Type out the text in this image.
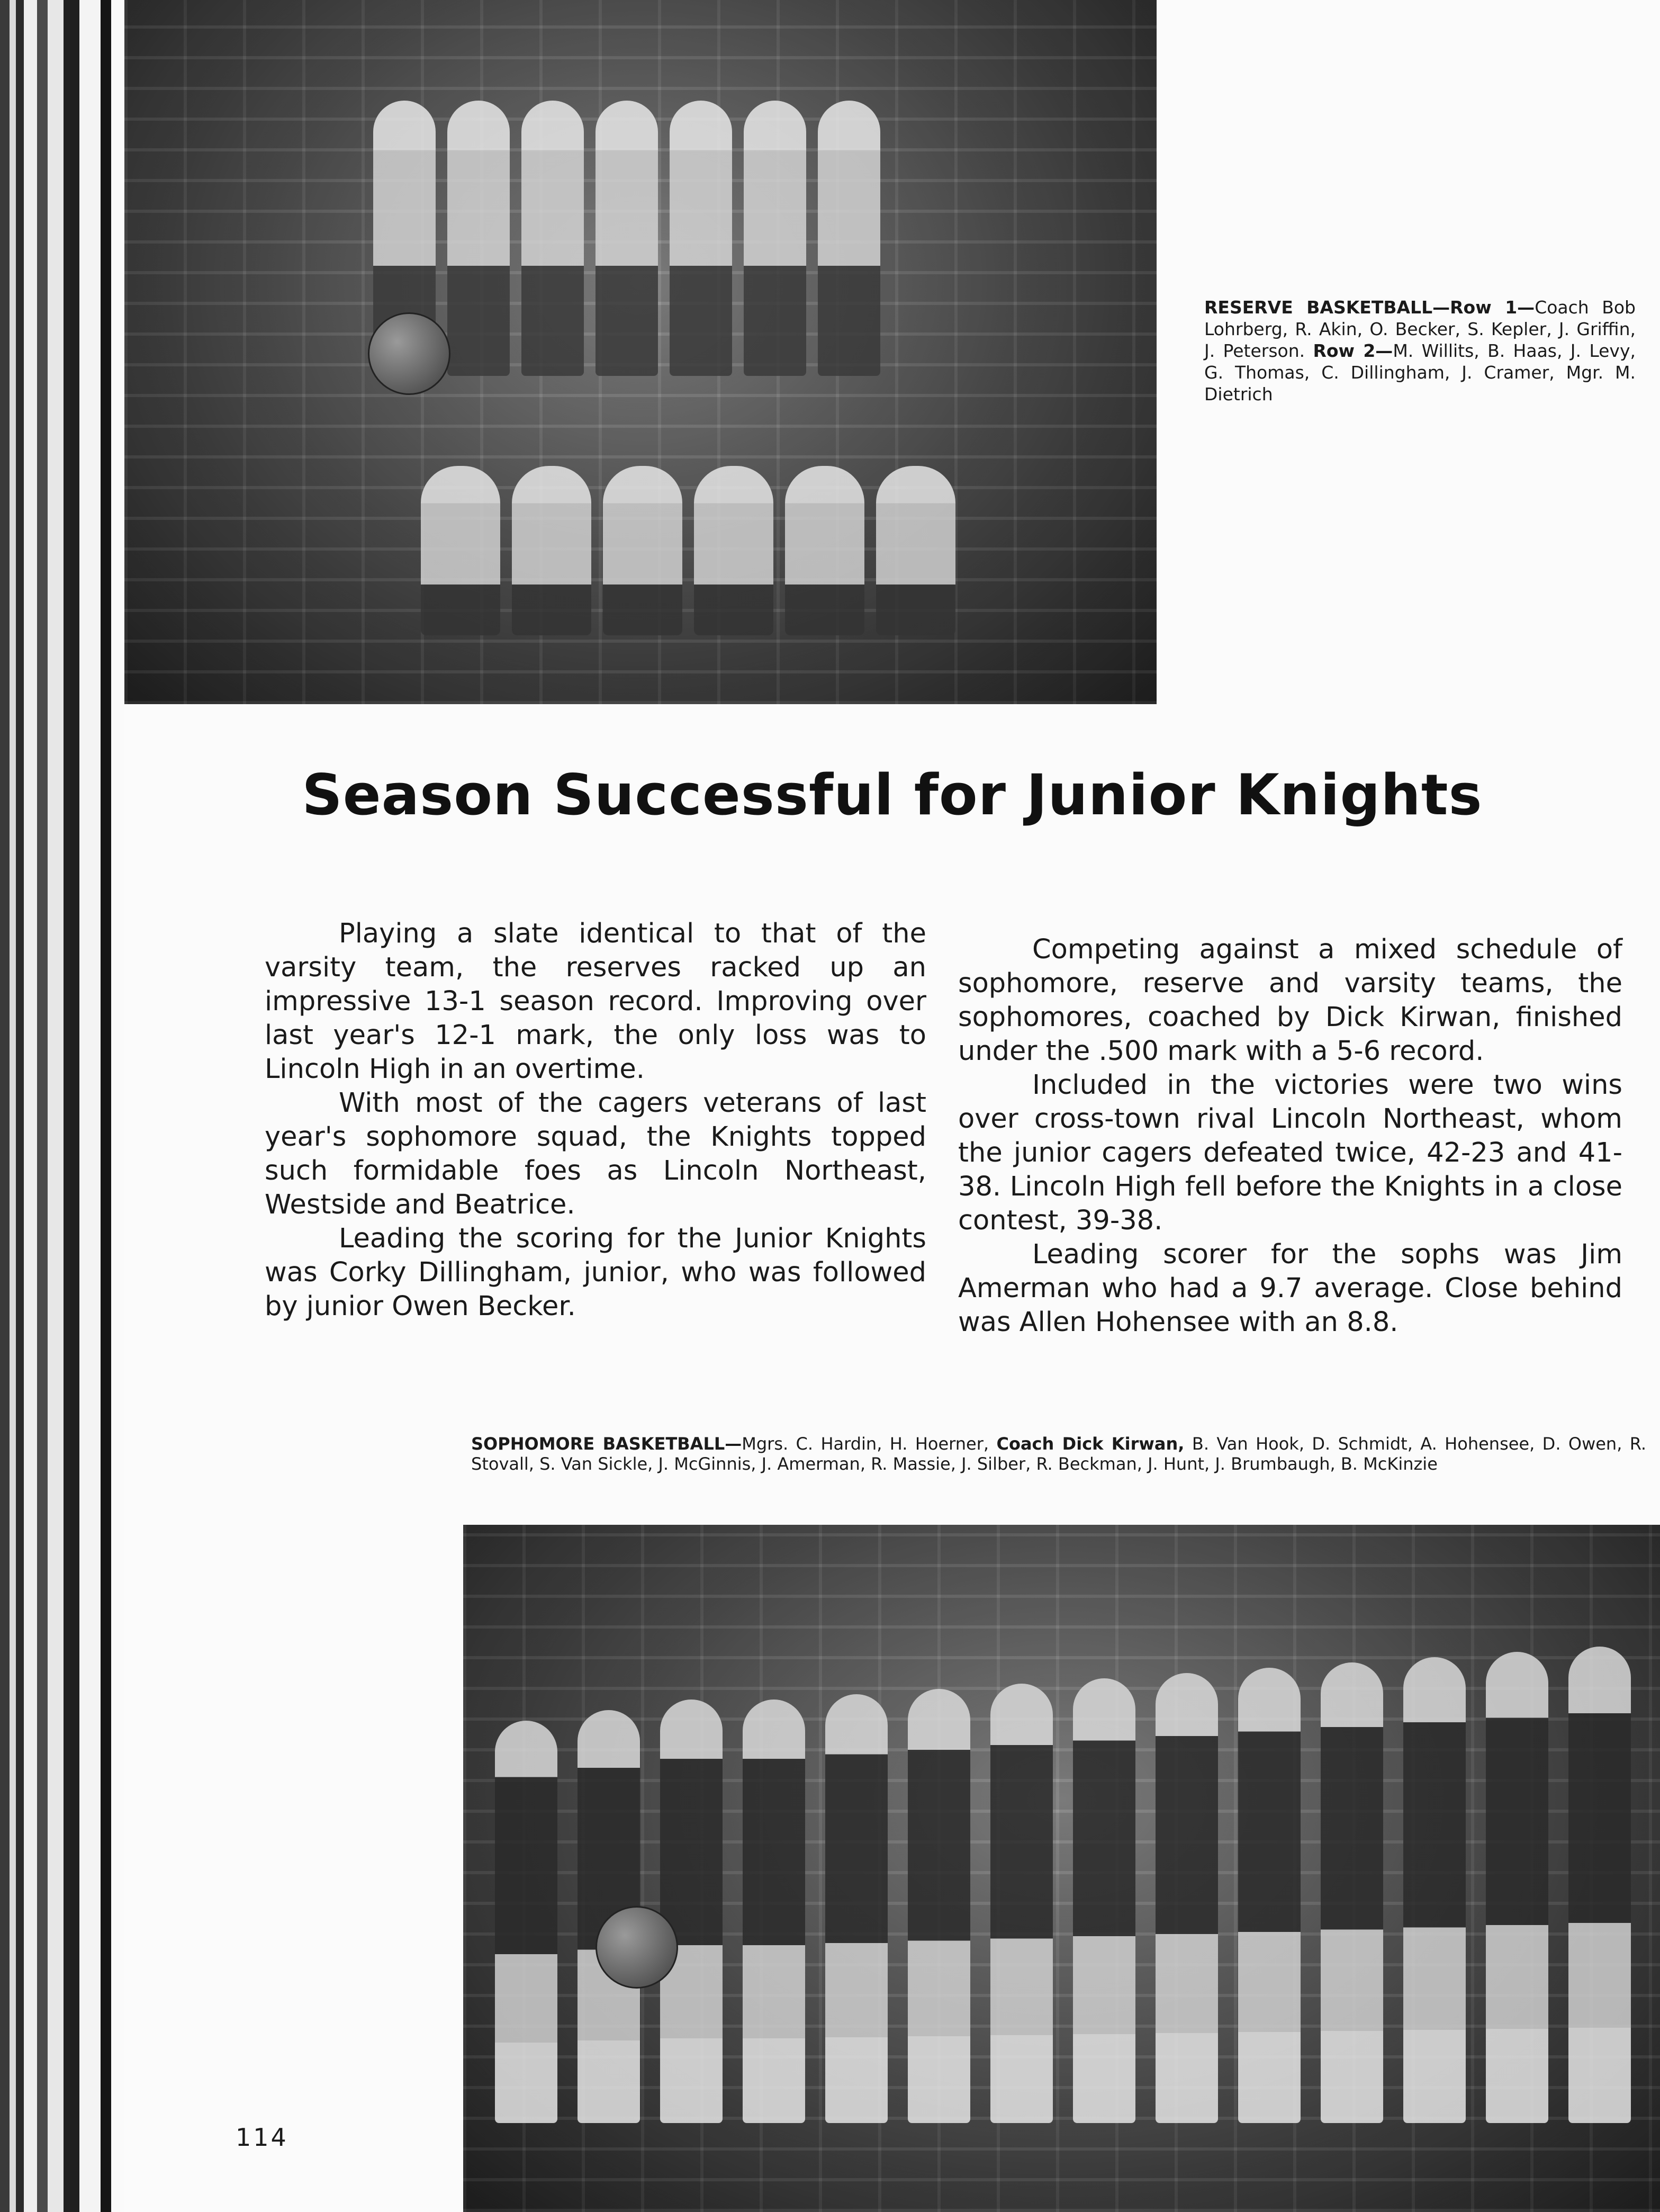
RESERVE BASKETBALL—Row 1—Coach Bob Lohrberg, R. Akin, O. Becker, S. Kepler, J. Griffin, J. Peterson. Row 2—M. Willits, B. Haas, J. Levy, G. Thomas, C. Dillingham, J. Cramer, Mgr. M. Dietrich
Season Successful for Junior Knights

Playing a slate identical to that of the varsity team, the reserves racked up an impressive 13-1 season record. Improving over last year's 12-1 mark, the only loss was to Lincoln High in an overtime.

With most of the cagers veterans of last year's sophomore squad, the Knights topped such formidable foes as Lincoln Northeast, Westside and Beatrice.

Leading the scoring for the Junior Knights was Corky Dillingham, junior, who was followed by junior Owen Becker.

Competing against a mixed schedule of sophomore, reserve and varsity teams, the sophomores, coached by Dick Kirwan, finished under the .500 mark with a 5-6 record.

Included in the victories were two wins over cross-town rival Lincoln Northeast, whom the junior cagers defeated twice, 42-23 and 41-38. Lincoln High fell before the Knights in a close contest, 39-38.

Leading scorer for the sophs was Jim Amerman who had a 9.7 average. Close behind was Allen Hohensee with an 8.8.

SOPHOMORE BASKETBALL—Mgrs. C. Hardin, H. Hoerner, Coach Dick Kirwan, B. Van Hook, D. Schmidt, A. Hohensee, D. Owen, R. Stovall, S. Van Sickle, J. McGinnis, J. Amerman, R. Massie, J. Silber, R. Beckman, J. Hunt, J. Brumbaugh, B. McKinzie
114
